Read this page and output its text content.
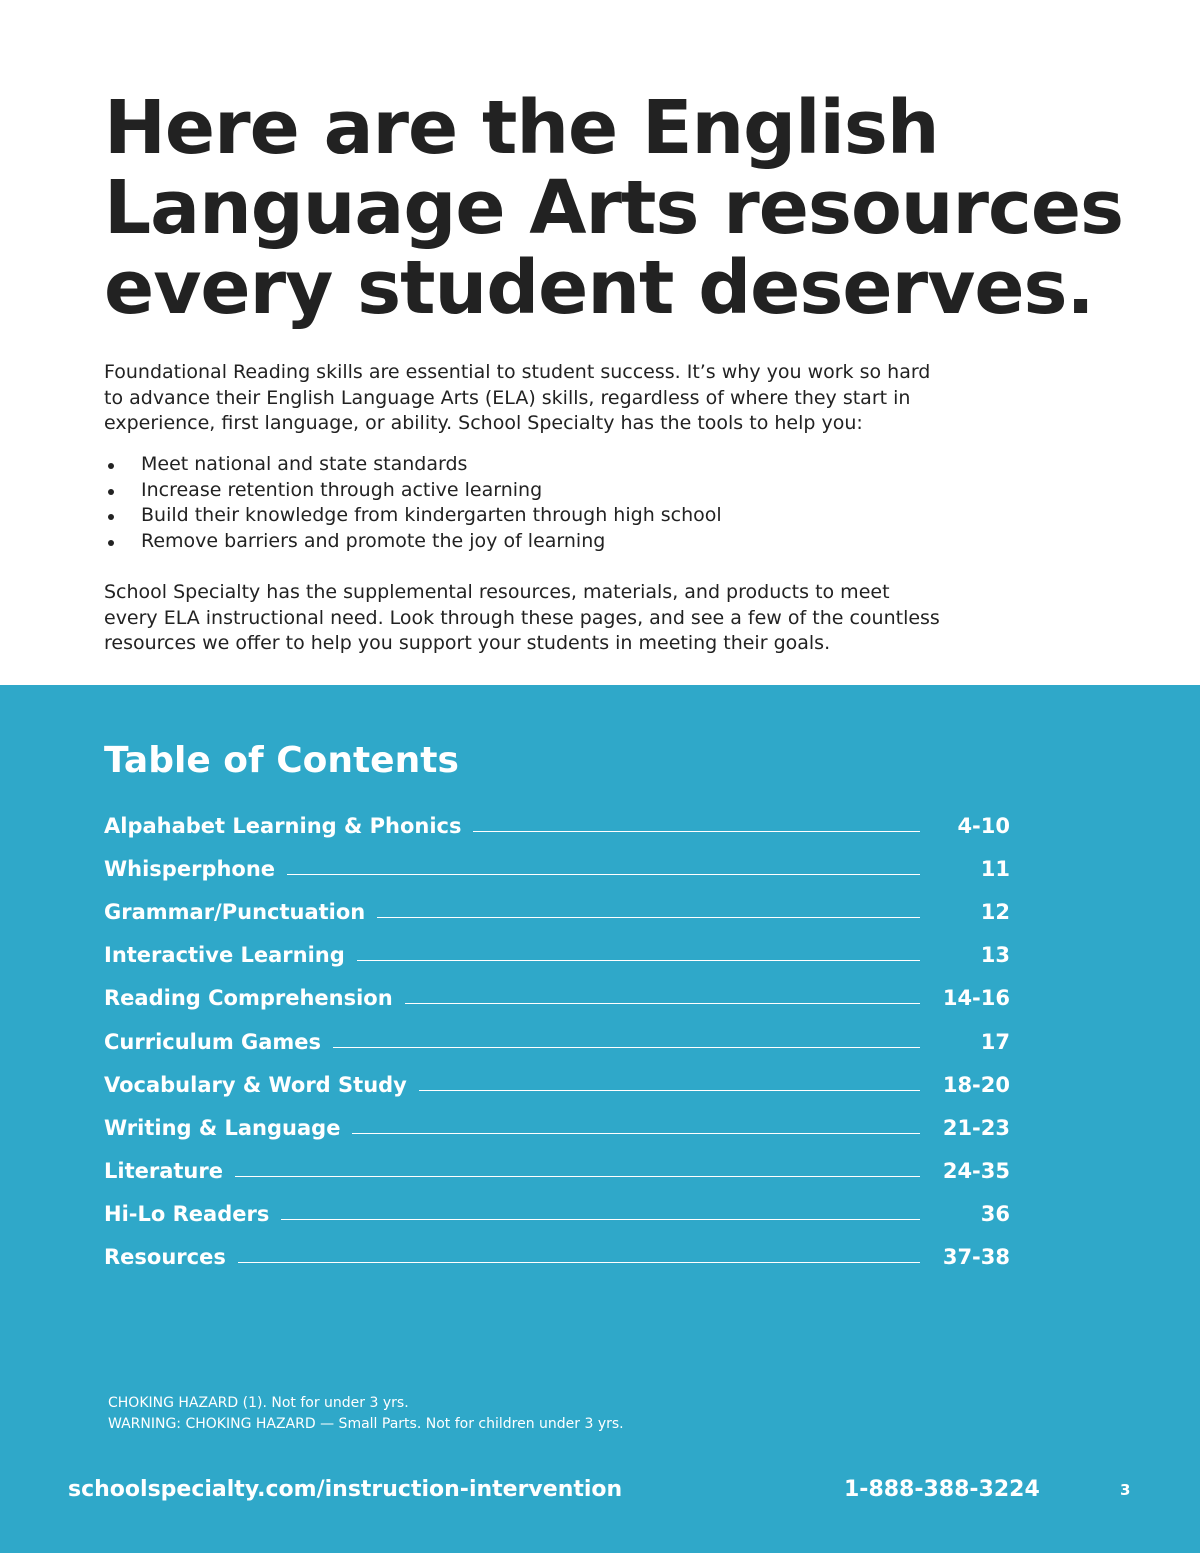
Here are the English
Language Arts resources
every student deserves.

Foundational Reading skills are essential to student success. It’s why you work so hard
to advance their English Language Arts (ELA) skills, regardless of where they start in
experience, first language, or ability. School Specialty has the tools to help you:

Meet national and state standards
Increase retention through active learning
Build their knowledge from kindergarten through high school
Remove barriers and promote the joy of learning

School Specialty has the supplemental resources, materials, and products to meet
every ELA instructional need. Look through these pages, and see a few of the countless
resources we offer to help you support your students in meeting their goals.

Table of Contents
Alpahabet Learning & Phonics	4-10
Whisperphone	11
Grammar/Punctuation	12
Interactive Learning	13
Reading Comprehension	14-16
Curriculum Games	17
Vocabulary & Word Study	18-20
Writing & Language	21-23
Literature	24-35
Hi-Lo Readers	36
Resources	37-38

CHOKING HAZARD (1). Not for under 3 yrs.
WARNING: CHOKING HAZARD — Small Parts. Not for children under 3 yrs.

schoolspecialty.com/instruction-intervention	1-888-388-3224	3
